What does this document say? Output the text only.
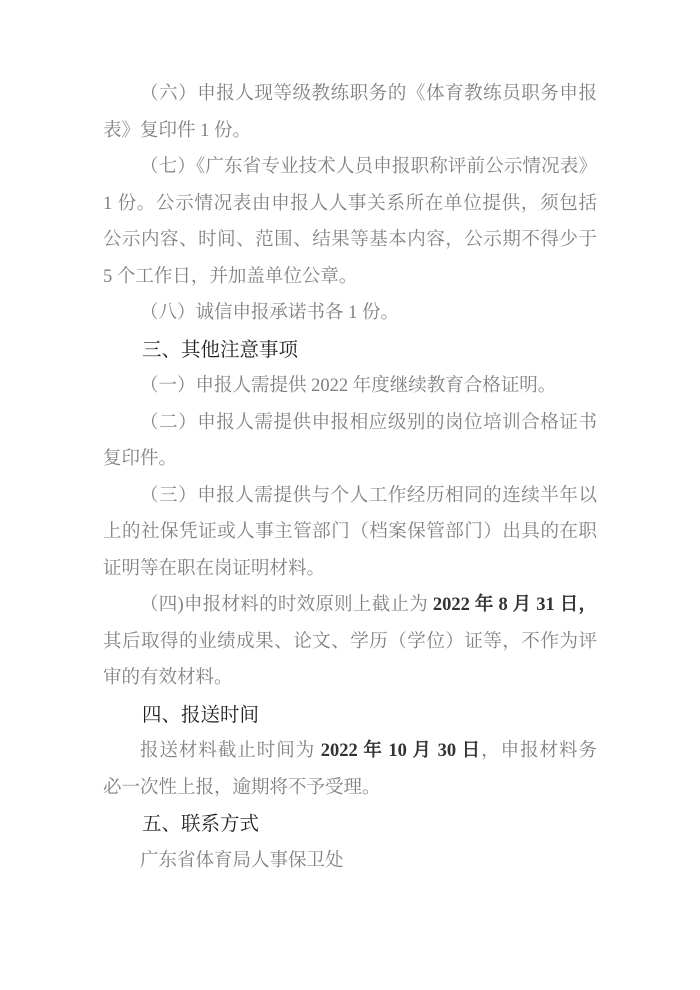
（六）申报人现等级教练职务的《体育教练员职务申报
表》复印件 1 份。
（七）《广东省专业技术人员申报职称评前公示情况表》
1 份。公示情况表由申报人人事关系所在单位提供，须包括
公示内容、时间、范围、结果等基本内容，公示期不得少于
5 个工作日，并加盖单位公章。
（八）诚信申报承诺书各 1 份。
三、其他注意事项
（一）申报人需提供 2022 年度继续教育合格证明。
（二）申报人需提供申报相应级别的岗位培训合格证书
复印件。
（三）申报人需提供与个人工作经历相同的连续半年以
上的社保凭证或人事主管部门（档案保管部门）出具的在职
证明等在职在岗证明材料。
（四)申报材料的时效原则上截止为 2022 年 8 月 31 日，
其后取得的业绩成果、论文、学历（学位）证等，不作为评
审的有效材料。
四、报送时间
报送材料截止时间为 2022 年 10 月 30 日，申报材料务
必一次性上报，逾期将不予受理。
五、联系方式
广东省体育局人事保卫处
